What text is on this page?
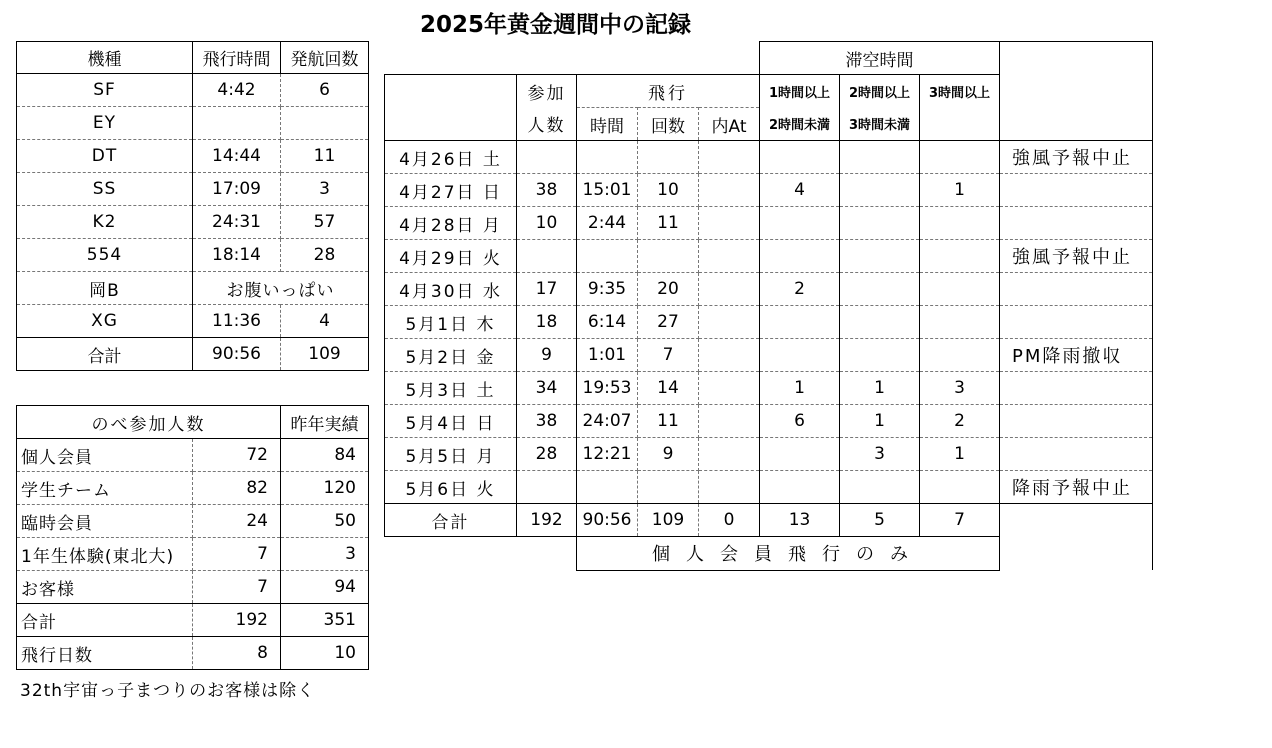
2025年黄金週間中の記録
機種	飛行時間	発航回数
SF	4:42	6
EY		
DT	14:44	11
SS	17:09	3
K2	24:31	57
554	18:14	28
岡B	お腹いっぱい	
XG	11:36	4
合計	90:56	109
のべ参加人数		昨年実績
個人会員	72	84
学生チーム	82	120
臨時会員	24	50
1年生体験(東北大)	7	3
お客様	7	94
合計	192	351
飛行日数	8	10
					滞空時間			
	参加	飛行			1時間以上	2時間以上	3時間以上	
	人数	時間	回数	内At	2時間未満	3時間未満		
4月26日 土								強風予報中止
4月27日 日	38	15:01	10		4		1	
4月28日 月	10	2:44	11					
4月29日 火								強風予報中止
4月30日 水	17	9:35	20		2			
5月1日 木	18	6:14	27					
5月2日 金	9	1:01	7					PM降雨撤収
5月3日 土	34	19:53	14		1	1	3	
5月4日 日	38	24:07	11		6	1	2	
5月5日 月	28	12:21	9			3	1	
5月6日 火								降雨予報中止
合計	192	90:56	109	0	13	5	7	
		個人会員飛行のみ						
32th宇宙っ子まつりのお客様は除く
